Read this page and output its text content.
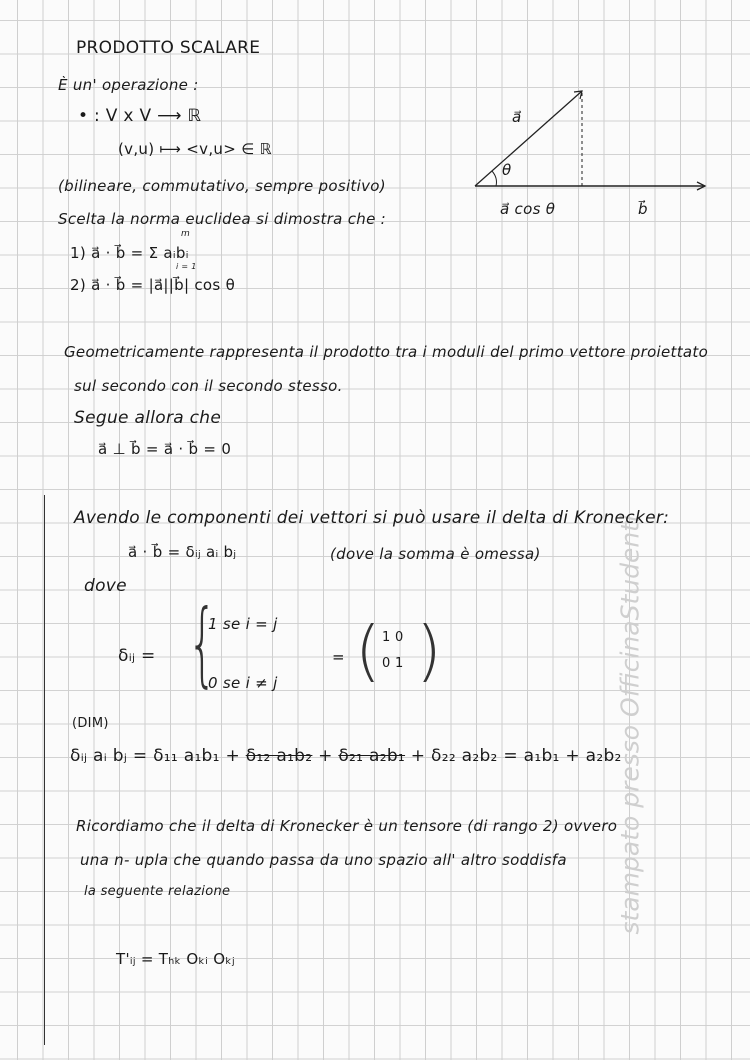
stampato presso OfficinaStudenti
PRODOTTO SCALARE
È un' operazione :
• : V x V ⟶ ℝ
(v,u) ⟼ <v,u> ∈ ℝ
(bilineare, commutativo, sempre positivo)
Scelta la norma euclidea si dimostra che :
1) a⃗ · b⃗ = Σ aᵢbᵢ
m
i = 1
2) a⃗ · b⃗ = |a⃗||b⃗| cos θ
a⃗
θ
a⃗ cos θ	b⃗
Geometricamente rappresenta il prodotto tra i moduli del primo vettore proiettato
sul secondo con il secondo stesso.
Segue allora che
a⃗ ⊥ b⃗ = a⃗ · b⃗ = 0
Avendo le componenti dei vettori si può usare il delta di Kronecker:
a⃗ · b⃗ = δᵢⱼ aᵢ bⱼ	(dove la somma è omessa)
dove
δᵢⱼ = {
1 se i = j
0 se i ≠ j
= ( 1 0
0 1 )
(DIM)
δᵢⱼ aᵢ bⱼ = δ₁₁ a₁b₁ + δ₁₂ a₁b₂ + δ₂₁ a₂b₁ + δ₂₂ a₂b₂ = a₁b₁ + a₂b₂
Ricordiamo che il delta di Kronecker è un tensore (di rango 2) ovvero
una n- upla che quando passa da uno spazio all' altro soddisfa
la seguente relazione
T'ᵢⱼ = Tₕₖ Oₖᵢ Oₖⱼ
